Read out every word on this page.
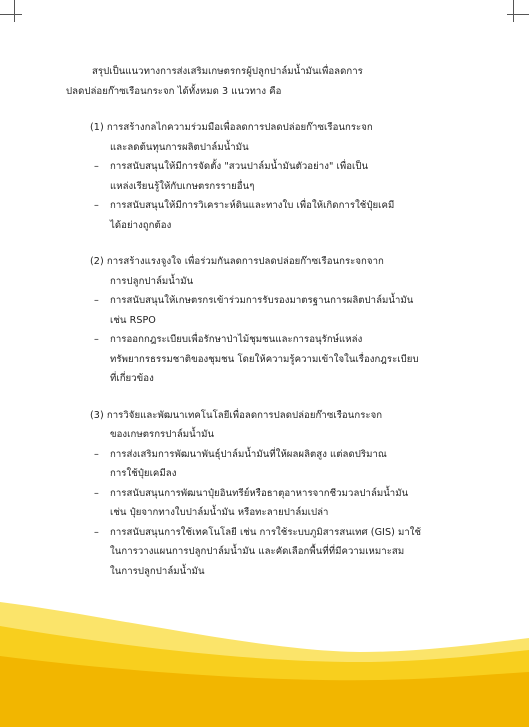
สรุปเป็นแนวทางการส่งเสริมเกษตรกรผู้ปลูกปาล์มน้ำมันเพื่อลดการ

ปลดปล่อยก๊าซเรือนกระจก ได้ทั้งหมด 3 แนวทาง คือ

(1) การสร้างกลไกความร่วมมือเพื่อลดการปลดปล่อยก๊าซเรือนกระจก
และลดต้นทุนการผลิตปาล์มน้ำมัน
– การสนับสนุนให้มีการจัดตั้ง "สวนปาล์มน้ำมันตัวอย่าง" เพื่อเป็น
แหล่งเรียนรู้ให้กับเกษตรกรรายอื่นๆ
– การสนับสนุนให้มีการวิเคราะห์ดินและทางใบ เพื่อให้เกิดการใช้ปุ๋ยเคมี
ได้อย่างถูกต้อง
(2) การสร้างแรงจูงใจ เพื่อร่วมกันลดการปลดปล่อยก๊าซเรือนกระจกจาก
การปลูกปาล์มน้ำมัน
– การสนับสนุนให้เกษตรกรเข้าร่วมการรับรองมาตรฐานการผลิตปาล์มน้ำมัน
เช่น RSPO
– การออกกฎระเบียบเพื่อรักษาป่าไม้ชุมชนและการอนุรักษ์แหล่ง
ทรัพยากรธรรมชาติของชุมชน โดยให้ความรู้ความเข้าใจในเรื่องกฎระเบียบ
ที่เกี่ยวข้อง
(3) การวิจัยและพัฒนาเทคโนโลยีเพื่อลดการปลดปล่อยก๊าซเรือนกระจก
ของเกษตรกรปาล์มน้ำมัน
– การส่งเสริมการพัฒนาพันธุ์ปาล์มน้ำมันที่ให้ผลผลิตสูง แต่ลดปริมาณ
การใช้ปุ๋ยเคมีลง
– การสนับสนุนการพัฒนาปุ๋ยอินทรีย์หรือธาตุอาหารจากชีวมวลปาล์มน้ำมัน
เช่น ปุ๋ยจากทางใบปาล์มน้ำมัน หรือทะลายปาล์มเปล่า
– การสนับสนุนการใช้เทคโนโลยี เช่น การใช้ระบบภูมิสารสนเทศ (GIS) มาใช้
ในการวางแผนการปลูกปาล์มน้ำมัน และคัดเลือกพื้นที่ที่มีความเหมาะสม
ในการปลูกปาล์มน้ำมัน
